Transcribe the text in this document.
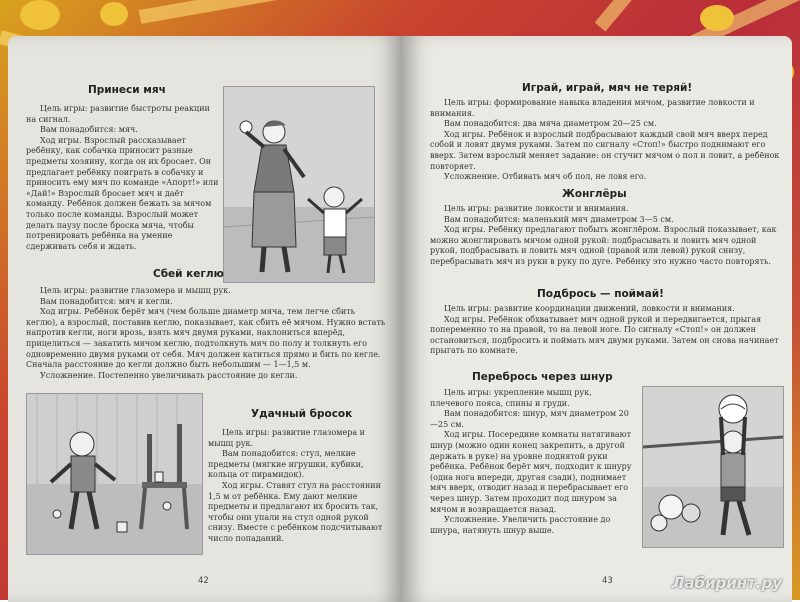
Принеси мяч

Цель игры: развитие быстроты реакции на сигнал.

Вам понадобится: мяч.

Ход игры. Взрослый рассказывает ребёнку, как собачка приносит разные предметы хозяину, когда он их бросает. Он предлагает ребёнку поиграть в собачку и приносить ему мяч по команде «Апорт!» или «Дай!» Взрослый бросает мяч и даёт команду. Ребёнок должен бежать за мячом только после команды. Взрослый может делать паузу после броска мяча, чтобы потренировать ребёнка на умение сдерживать себя и ждать.

Сбей кеглю

Цель игры: развитие глазомера и мышц рук.

Вам понадобится: мяч и кегли.

Ход игры. Ребёнок берёт мяч (чем больше диаметр мяча, тем легче сбить кеглю), а взрослый, поставив кеглю, показывает, как сбить её мячом. Нужно встать напротив кегли, ноги врозь, взять мяч двумя руками, наклониться вперёд, прицелиться — закатить мячом кеглю, подтолкнуть мяч по полу и толкнуть его одновременно двумя руками от себя. Мяч должен катиться прямо и бить по кегле. Сначала расстояние до кегли должно быть небольшим — 1—1,5 м.

Усложнение. Постепенно увеличивать расстояние до кегли.

Удачный бросок

Цель игры: развитие глазомера и мышц рук.

Вам понадобится: стул, мелкие предметы (мягкие игрушки, кубики, кольца от пирамидок).

Ход игры. Ставят стул на расстоянии 1,5 м от ребёнка. Ему дают мелкие предметы и предлагают их бросить так, чтобы они упали на стул одной рукой снизу. Вместе с ребёнком подсчитывают число попаданий.

42
Играй, играй, мяч не теряй!

Цель игры: формирование навыка владения мячом, развитие ловкости и внимания.

Вам понадобится: два мяча диаметром 20—25 см.

Ход игры. Ребёнок и взрослый подбрасывают каждый свой мяч вверх перед собой и ловят двумя руками. Затем по сигналу «Стоп!» быстро поднимают его вверх. Затем взрослый меняет задание: он стучит мячом о пол и ловит, а ребёнок повторяет.

Усложнение. Отбивать мяч об пол, не ловя его.

Жонглёры

Цель игры: развитие ловкости и внимания.

Вам понадобится: маленький мяч диаметром 3—5 см.

Ход игры. Ребёнку предлагают побыть жонглёром. Взрослый показывает, как можно жонглировать мячом одной рукой: подбрасывать и ловить мяч одной рукой, подбрасывать и ловить мяч одной (правой или левой) рукой снизу, перебрасывать мяч из руки в руку по дуге. Ребёнку это нужно часто повторять.

Подбрось — поймай!

Цель игры: развитие координации движений, ловкости и внимания.

Ход игры. Ребёнок обхватывает мяч одной рукой и передвигается, прыгая попеременно то на правой, то на левой ноге. По сигналу «Стоп!» он должен остановиться, подбросить и поймать мяч двумя руками. Затем он снова начинает прыгать по комнате.

Перебрось через шнур

Цель игры: укрепление мышц рук, плечевого пояса, спины и груди.

Вам понадобится: шнур, мяч диаметром 20—25 см.

Ход игры. Посередине комнаты натягивают шнур (можно один конец закрепить, а другой держать в руке) на уровне поднятой руки ребёнка. Ребёнок берёт мяч, подходит к шнуру (одна нога впереди, другая сзади), поднимает мяч вверх, отводит назад и перебрасывает его через шнур. Затем проходит под шнуром за мячом и возвращается назад.

Усложнение. Увеличить расстояние до шнура, натянуть шнур выше.

43	Лабиринт.ру
